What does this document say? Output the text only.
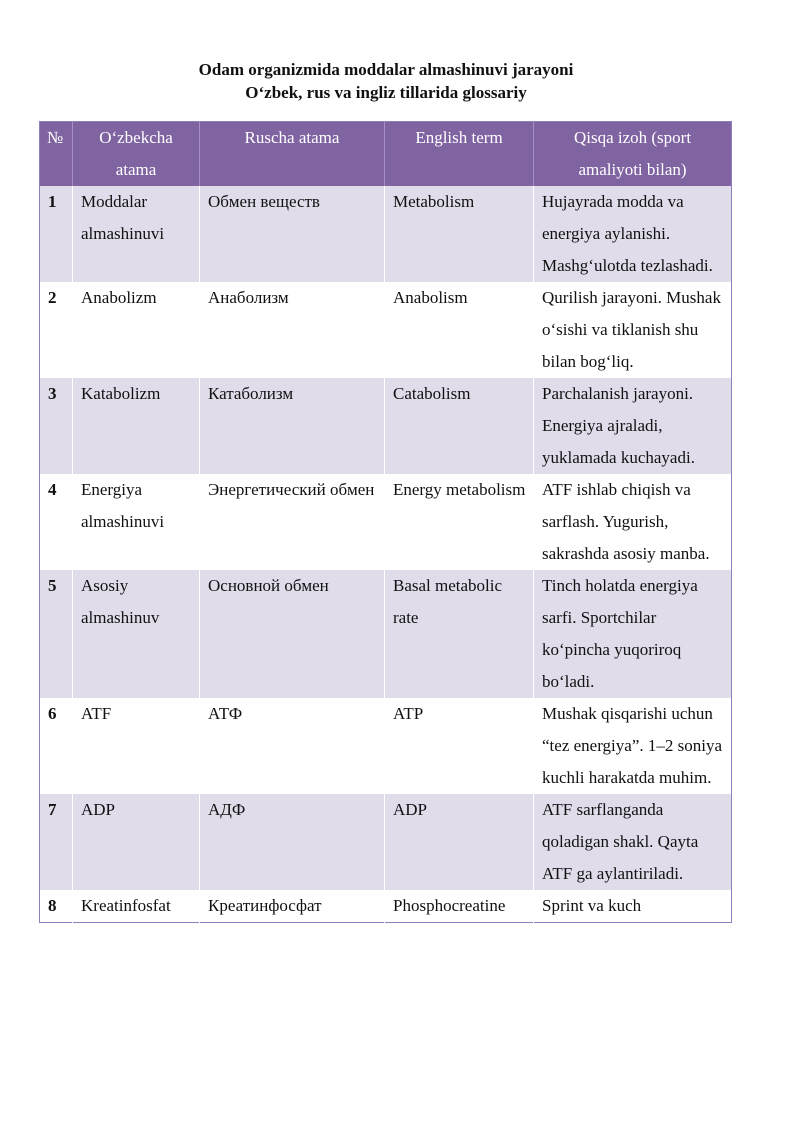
Odam organizmida moddalar almashinuvi jarayoni
O‘zbek, rus va ingliz tillarida glossariy
№	O‘zbekcha atama	Ruscha atama	English term	Qisqa izoh (sport amaliyoti bilan)
1	Moddalar almashinuvi	Обмен веществ	Metabolism	Hujayrada modda va energiya aylanishi. Mashg‘ulotda tezlashadi.
2	Anabolizm	Анаболизм	Anabolism	Qurilish jarayoni. Mushak o‘sishi va tiklanish shu bilan bog‘liq.
3	Katabolizm	Катаболизм	Catabolism	Parchalanish jarayoni. Energiya ajraladi, yuklamada kuchayadi.
4	Energiya almashinuvi	Энергетический обмен	Energy metabolism	ATF ishlab chiqish va sarflash. Yugurish, sakrashda asosiy manba.
5	Asosiy almashinuv	Основной обмен	Basal metabolic rate	Tinch holatda energiya sarfi. Sportchilar ko‘pincha yuqoriroq bo‘ladi.
6	ATF	АТФ	ATP	Mushak qisqarishi uchun “tez energiya”. 1–2 soniya kuchli harakatda muhim.
7	ADP	АДФ	ADP	ATF sarflanganda qoladigan shakl. Qayta ATF ga aylantiriladi.
8	Kreatinfosfat	Креатинфосфат	Phosphocreatine	Sprint va kuch
